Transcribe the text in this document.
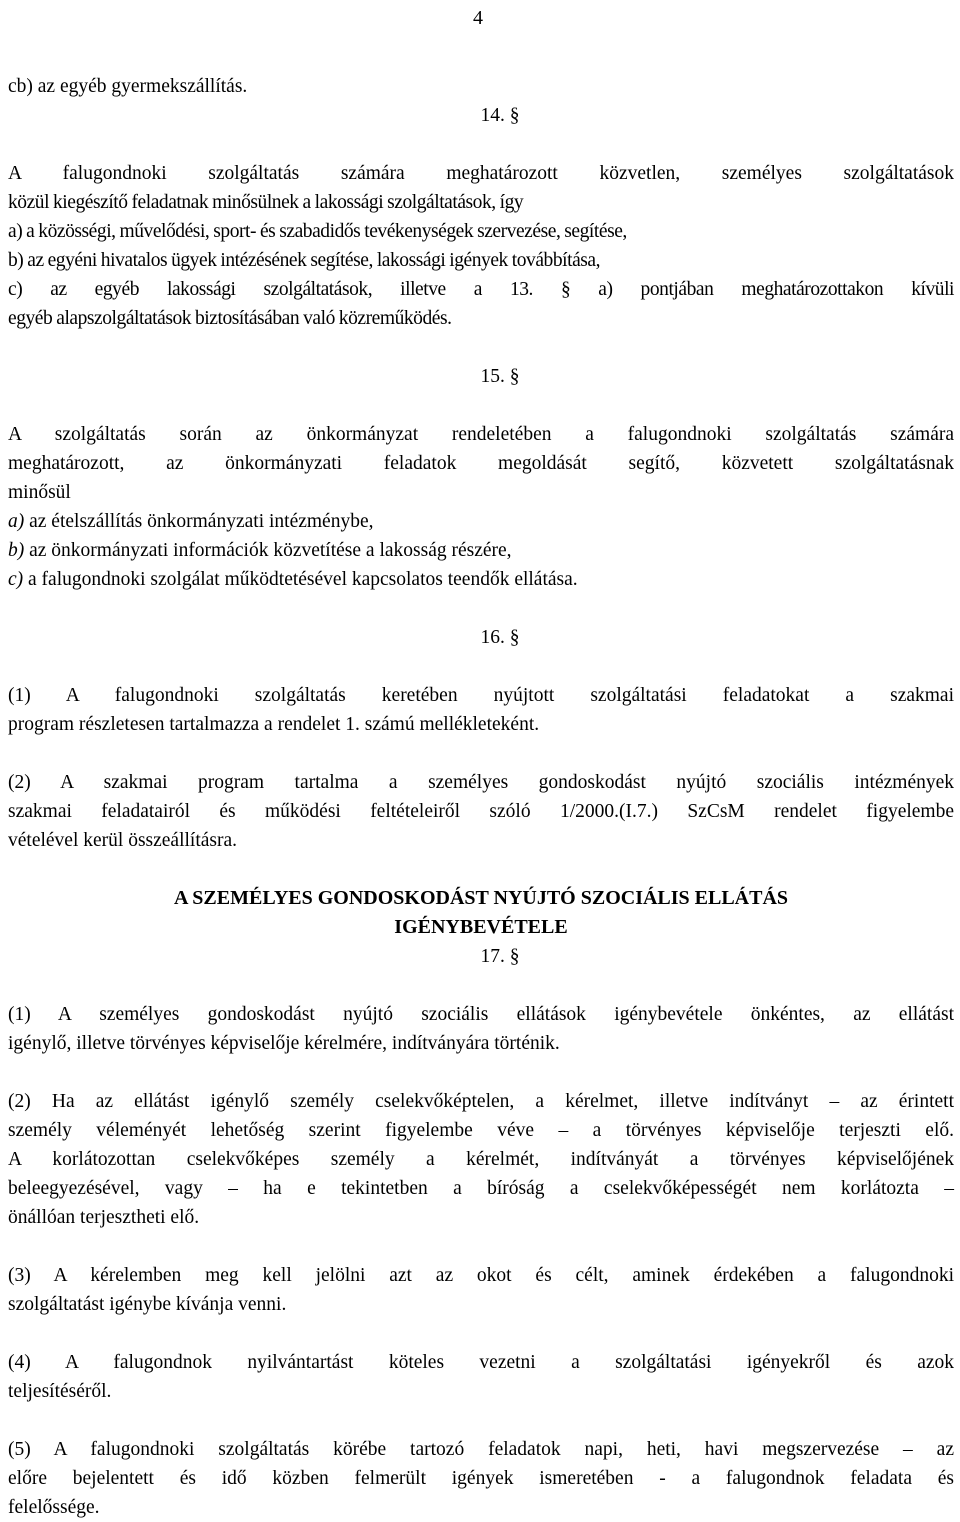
4
cb) az egyéb gyermekszállítás.
14. §
A falugondnoki szolgáltatás számára meghatározott közvetlen, személyes szolgáltatások
közül kiegészítő feladatnak minősülnek a lakossági szolgáltatások, így
a) a közösségi, művelődési, sport- és szabadidős tevékenységek szervezése, segítése,
b) az egyéni hivatalos ügyek intézésének segítése, lakossági igények továbbítása,
c) az egyéb lakossági szolgáltatások, illetve a 13. § a) pontjában meghatározottakon kívüli
egyéb alapszolgáltatások biztosításában való közreműködés.
15. §
A szolgáltatás során az önkormányzat rendeletében a falugondnoki szolgáltatás számára
meghatározott, az önkormányzati feladatok megoldását segítő, közvetett szolgáltatásnak
minősül
a) az ételszállítás önkormányzati intézménybe,
b) az önkormányzati információk közvetítése a lakosság részére,
c) a falugondnoki szolgálat működtetésével kapcsolatos teendők ellátása.
16. §
(1) A falugondnoki szolgáltatás keretében nyújtott szolgáltatási feladatokat a szakmai
program részletesen tartalmazza a rendelet 1. számú mellékleteként.
(2) A szakmai program tartalma a személyes gondoskodást nyújtó szociális intézmények
szakmai feladatairól és működési feltételeiről szóló 1/2000.(I.7.) SzCsM rendelet figyelembe
vételével kerül összeállításra.
A SZEMÉLYES GONDOSKODÁST NYÚJTÓ SZOCIÁLIS ELLÁTÁS
IGÉNYBEVÉTELE
17. §
(1) A személyes gondoskodást nyújtó szociális ellátások igénybevétele önkéntes, az ellátást
igénylő, illetve törvényes képviselője kérelmére, indítványára történik.
(2) Ha az ellátást igénylő személy cselekvőképtelen, a kérelmet, illetve indítványt – az érintett
személy véleményét lehetőség szerint figyelembe véve – a törvényes képviselője terjeszti elő.
A korlátozottan cselekvőképes személy a kérelmét, indítványát a törvényes képviselőjének
beleegyezésével, vagy – ha e tekintetben a bíróság a cselekvőképességét nem korlátozta –
önállóan terjesztheti elő.
(3) A kérelemben meg kell jelölni azt az okot és célt, aminek érdekében a falugondnoki
szolgáltatást igénybe kívánja venni.
(4) A falugondnok nyilvántartást köteles vezetni a szolgáltatási igényekről és azok
teljesítéséről.
(5) A falugondnoki szolgáltatás körébe tartozó feladatok napi, heti, havi megszervezése – az
előre bejelentett és idő közben felmerült igények ismeretében - a falugondnok feladata és
felelőssége.
